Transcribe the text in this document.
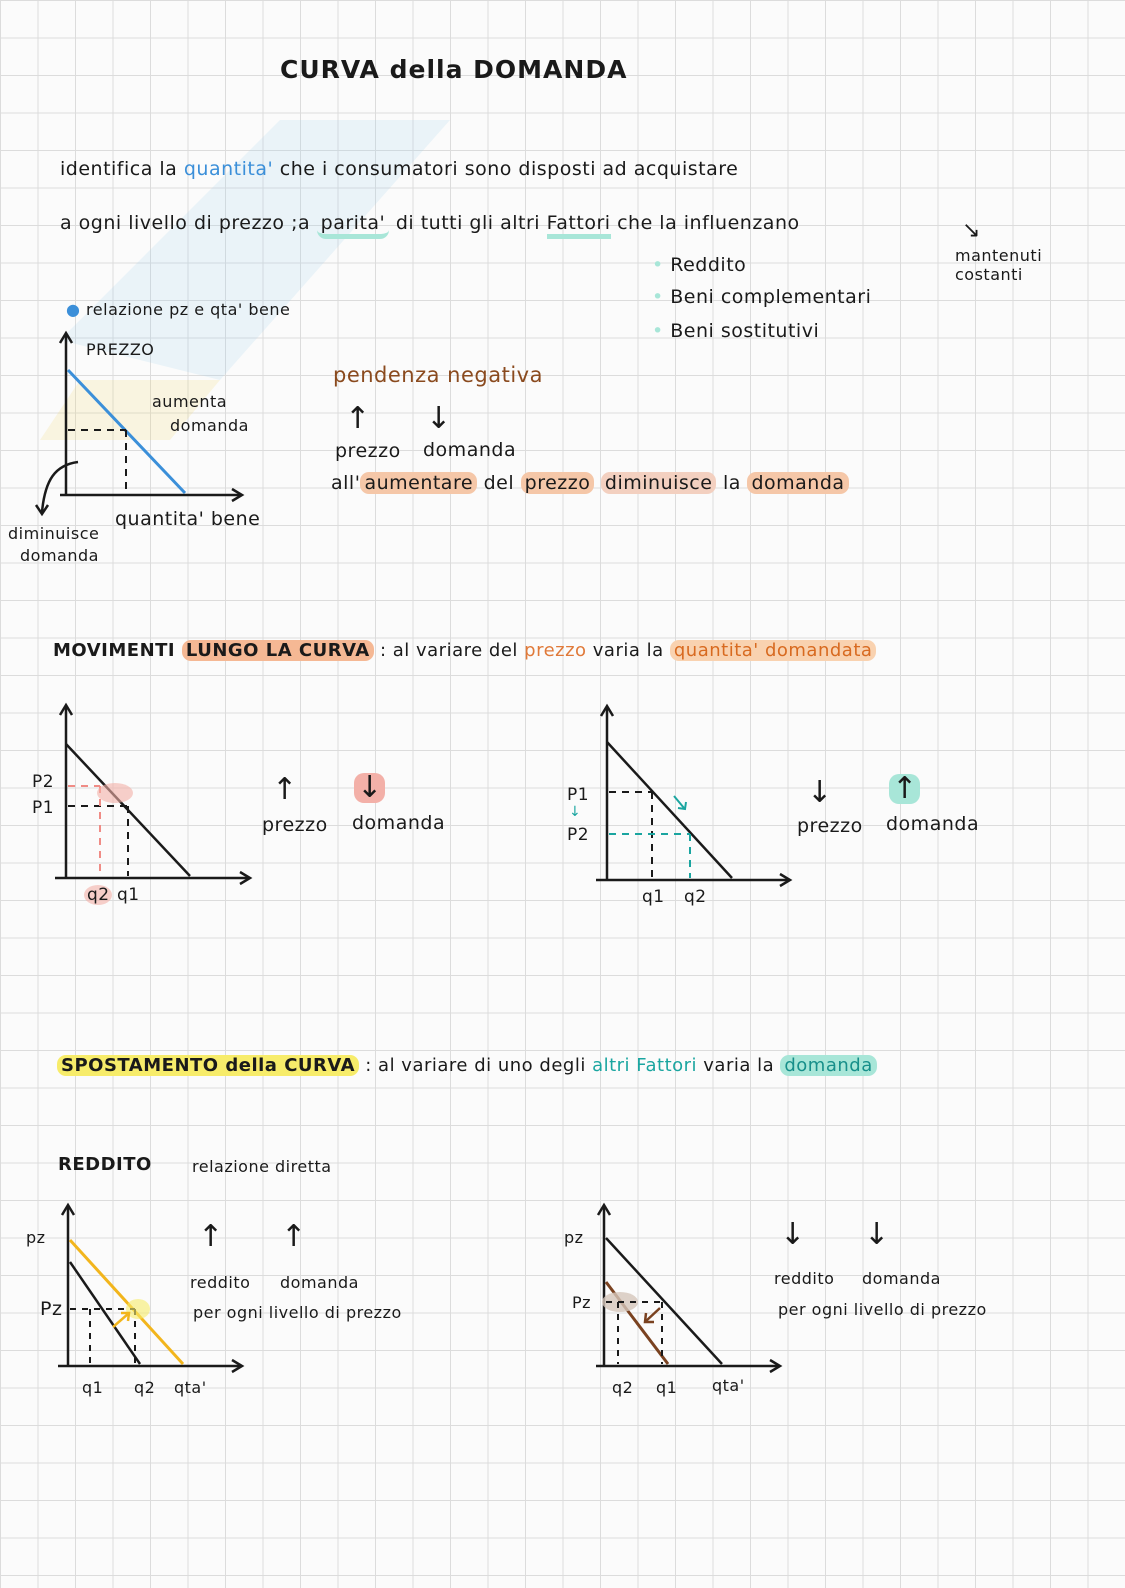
CURVA della DOMANDA
identifica la quantita' che i consumatori sono disposti ad acquistare
a ogni livello di prezzo ;a parita' di tutti gli altri Fattori che la influenzano	↘
mantenuti
costanti
• Reddito
• Beni complementari
• Beni sostitutivi
● relazione pz e qta' bene
PREZZO
aumenta
domanda
quantita' bene
diminuisce
domanda
pendenza negativa
↑ ↓
prezzo domanda
all' aumentare del prezzo diminuisce la domanda
MOVIMENTI LUNGO LA CURVA : al variare del prezzo varia la quantita' domandata
P2
P1
q2 q1
↑ ↓
prezzo domanda
P1
↓
P2
q1 q2
↓ ↑
prezzo domanda
SPOSTAMENTO della CURVA : al variare di uno degli altri Fattori varia la domanda
REDDITO	relazione diretta
pz
Pz
q1 q2 qta'
↑ ↑
reddito domanda
per ogni livello di prezzo
pz
Pz
q2 q1 qta'
↓ ↓
reddito domanda
per ogni livello di prezzo
